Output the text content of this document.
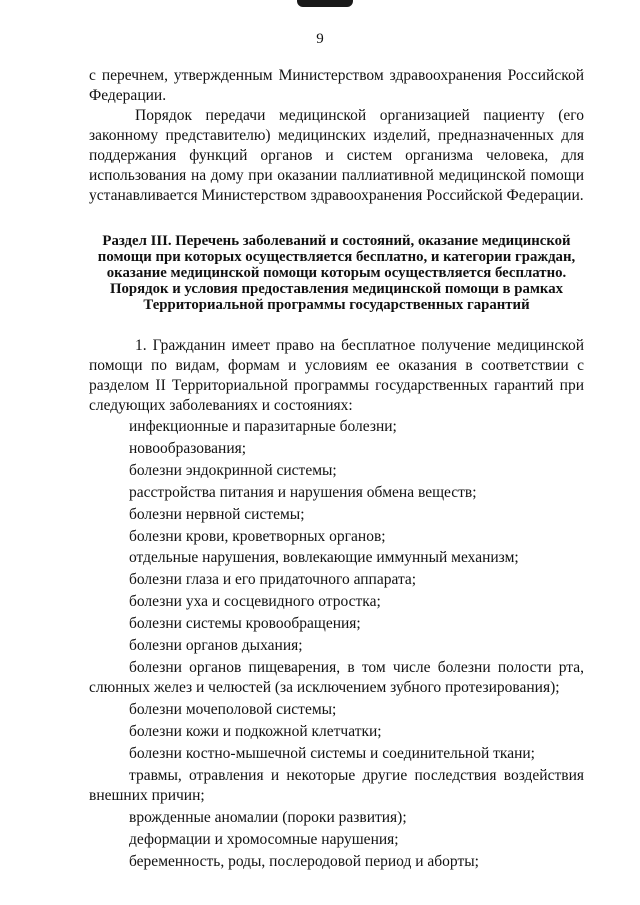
9

с перечнем, утвержденным Министерством здравоохранения Российской Федерации.

Порядок передачи медицинской организацией пациенту (его законному представителю) медицинских изделий, предназначенных для поддержания функций органов и систем организма человека, для использования на дому при оказании паллиативной медицинской помощи устанавливается Министерством здравоохранения Российской Федерации.

Раздел III. Перечень заболеваний и состояний, оказание медицинской помощи при которых осуществляется бесплатно, и категории граждан, оказание медицинской помощи которым осуществляется бесплатно. Порядок и условия предоставления медицинской помощи в рамках Территориальной программы государственных гарантий

1. Гражданин имеет право на бесплатное получение медицинской помощи по видам, формам и условиям ее оказания в соответствии с разделом II Территориальной программы государственных гарантий при следующих заболеваниях и состояниях:

инфекционные и паразитарные болезни;
новообразования;
болезни эндокринной системы;
расстройства питания и нарушения обмена веществ;
болезни нервной системы;
болезни крови, кроветворных органов;
отдельные нарушения, вовлекающие иммунный механизм;
болезни глаза и его придаточного аппарата;
болезни уха и сосцевидного отростка;
болезни системы кровообращения;
болезни органов дыхания;
болезни органов пищеварения, в том числе болезни полости рта, слюнных желез и челюстей (за исключением зубного протезирования);
болезни мочеполовой системы;
болезни кожи и подкожной клетчатки;
болезни костно-мышечной системы и соединительной ткани;
травмы, отравления и некоторые другие последствия воздействия внешних причин;
врожденные аномалии (пороки развития);
деформации и хромосомные нарушения;
беременность, роды, послеродовой период и аборты;
